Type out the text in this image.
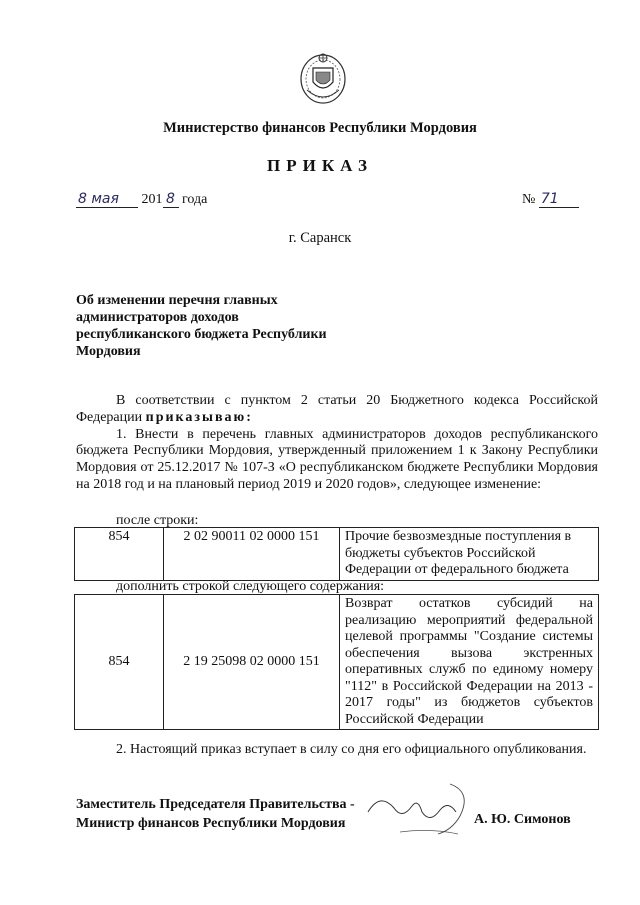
Министерство финансов Республики Мордовия
ПРИКАЗ
8 мая 201 8 года	№ 71
г. Саранск
Об изменении перечня главных администраторов доходов республиканского бюджета Республики Мордовия

В соответствии с пунктом 2 статьи 20 Бюджетного кодекса Российской Федерации приказываю:

1. Внести в перечень главных администраторов доходов республиканского бюджета Республики Мордовия, утвержденный приложением 1 к Закону Республики Мордовия от 25.12.2017 № 107-З «О республиканском бюджете Республики Мордовия на 2018 год и на плановый период 2019 и 2020 годов», следующее изменение:

после строки:
854	2 02 90011 02 0000 151	Прочие безвозмездные поступления в бюджеты субъектов Российской Федерации от федерального бюджета
дополнить строкой следующего содержания:
854	2 19 25098 02 0000 151	Возврат остатков субсидий на реализацию мероприятий федеральной целевой программы "Создание системы обеспечения вызова экстренных оперативных служб по единому номеру "112" в Российской Федерации на 2013 - 2017 годы" из бюджетов субъектов Российской Федерации

2. Настоящий приказ вступает в силу со дня его официального опубликования.

Заместитель Председателя Правительства -
Министр финансов Республики Мордовия	А. Ю. Симонов
